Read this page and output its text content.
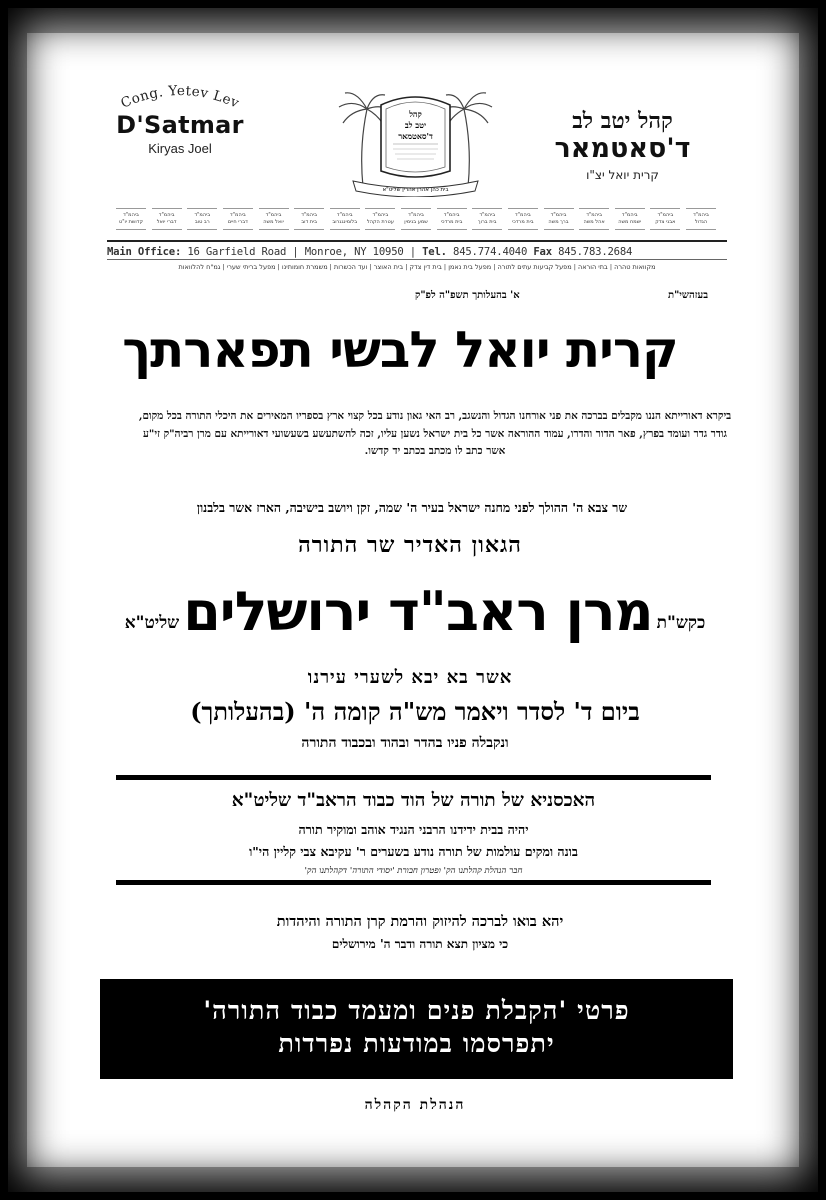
Cong. Yetev Lev
D'Satmar
Kiryas Joel
קהל
יטב לב
ד'סאטמאר
בית כהן אהרן אהרין שליט"א
קהל יטב לב
ד'סאטמאר
קרית יואל יצ"ו
ביהמ"ד
הגדול
ביהמ"ד
אבני צדק
ביהמ"ד
ישמח משה
ביהמ"ד
אהל משה
ביהמ"ד
ברך משה
ביהמ"ד
בית מרדכי
ביהמ"ד
בית ברוך
ביהמ"ד
בית מרדכי
ביהמ"ד
שמע בנימין
ביהמ"ד
עטרת הקהל
ביהמ"ד
בלומינגגרוב
ביהמ"ד
בית דוב
ביהמ"ד
יואל משה
ביהמ"ד
דברי חיים
ביהמ"ד
רב טוב
ביהמ"ד
דברי יואל
ביהמ"ד
קדושת יו"ט
Main Office: 16 Garfield Road | Monroe, NY 10950 | Tel. 845.774.4040 Fax 845.783.2684
מקוואות טהרה | בתי הוראה | מפעל קביעות עתים לתורה | מפעל בית נאמן | בית דין צדק | בית האוצר | ועד הכשרות | משמרת חומותינו | מפעל בריתי שערי | גמ"ח להלוואות
בעזהשי"ת
א' בהעלותך תשפ"ה לפ"ק
קרית יואל לבשי תפארתך
ביקרא דאורייתא הננו מקבלים בברכה את פני אורחנו הגדול והנשגב, רב האי גאון נודע בכל קצוי ארץ בספריו המאירים את היכלי התורה בכל מקום, גודר גדר ועומד בפרץ, פאר הדור והדרו, עמוד ההוראה אשר כל בית ישראל נשען עליו, זכה להשתעשע בשעשועי דאורייתא עם מרן רביה"ק זי"ע אשר כתב לו מכתב בכתב יד קדשו.
שר צבא ה' ההולך לפני מחנה ישראל בעיר ה' שמה, זקן ויושב בישיבה, הארז אשר בלבנון
הגאון האדיר שר התורה
כקש"ת
מרן ראב"ד ירושלים
שליט"א
אשר בא יבא לשערי עירנו
ביום ד' לסדר ויאמר מש"ה קומה ה' (בהעלותך)
ונקבלה פניו בהדר ובהוד ובכבוד התורה
האכסניא של תורה של הוד כבוד הראב"ד שליט"א
יהיה בבית ידידנו הרבני הנגיד אוהב ומוקיר תורה
בונה ומקים עולמות של תורה נודע בשערים ר' עקיבא צבי קליין הי"ו
חבר הנהלת קהלתנו הק' ופטרון חבורת 'יסודי התורה' דקהלתנו הק'
יהא בואו לברכה להיזוק והרמת קרן התורה והיהדות
כי מציון תצא תורה ודבר ה' מירושלים
פרטי 'הקבלת פנים ומעמד כבוד התורה'
יתפרסמו במודעות נפרדות
הנהלת הקהלה
